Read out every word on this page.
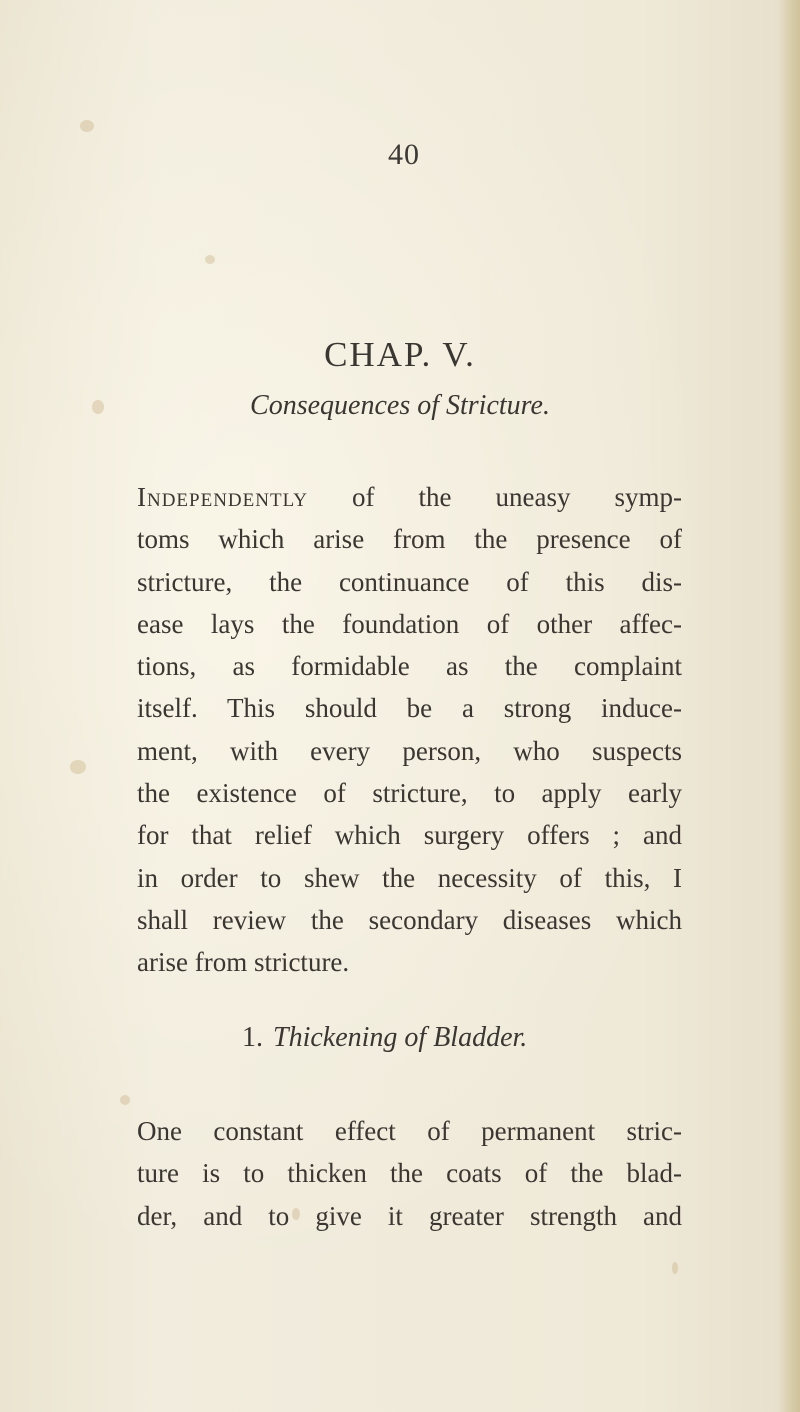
40
CHAP. V.
Consequences of Stricture.
Independently of the uneasy symp-
toms which arise from the presence of
stricture, the continuance of this dis-
ease lays the foundation of other affec-
tions, as formidable as the complaint
itself. This should be a strong induce-
ment, with every person, who suspects
the existence of stricture, to apply early
for that relief which surgery offers ; and
in order to shew the necessity of this, I
shall review the secondary diseases which
arise from stricture.
1. Thickening of Bladder.
One constant effect of permanent stric-
ture is to thicken the coats of the blad-
der, and to give it greater strength and
